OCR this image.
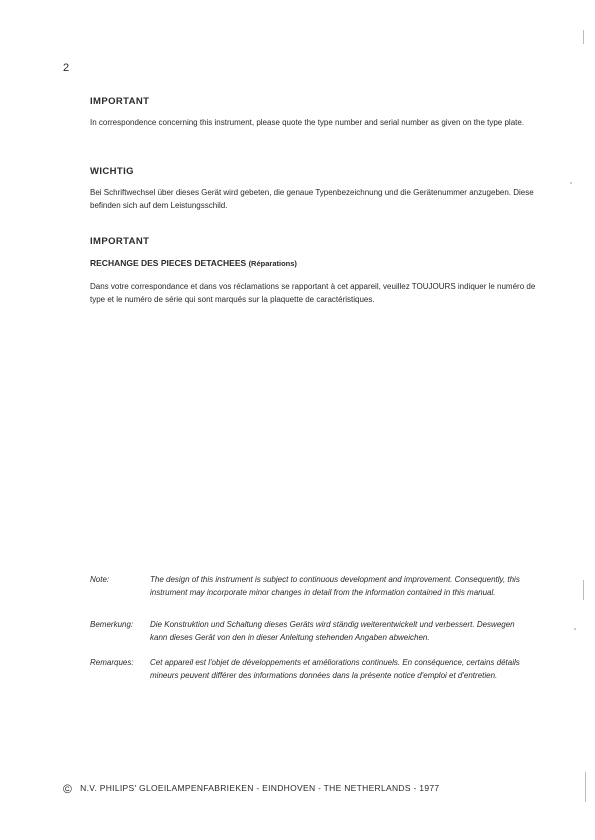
2
IMPORTANT
In correspondence concerning this instrument, please quote the type number and serial number as given on the type plate.
WICHTIG
Bei Schriftwechsel über dieses Gerät wird gebeten, die genaue Typenbezeichnung und die Gerätenummer anzugeben. Diese befinden sich auf dem Leistungsschild.
IMPORTANT
RECHANGE DES PIECES DETACHEES (Réparations)
Dans votre correspondance et dans vos réclamations se rapportant à cet appareil, veuillez TOUJOURS indiquer le numéro de type et le numéro de série qui sont marqués sur la plaquette de caractéristiques.
Note:	The design of this instrument is subject to continuous development and improvement. Consequently, this instrument may incorporate minor changes in detail from the information contained in this manual.
Bemerkung: Die Konstruktion und Schaltung dieses Geräts wird ständig weiterentwickelt und verbessert. Deswegen kann dieses Gerät von den in dieser Anleitung stehenden Angaben abweichen.
Remarques: Cet appareil est l'objet de développements et améliorations continuels. En conséquence, certains détails mineurs peuvent différer des informations données dans la présente notice d'emploi et d'entretien.
© N.V. PHILIPS' GLOEILAMPENFABRIEKEN - EINDHOVEN - THE NETHERLANDS - 1977
